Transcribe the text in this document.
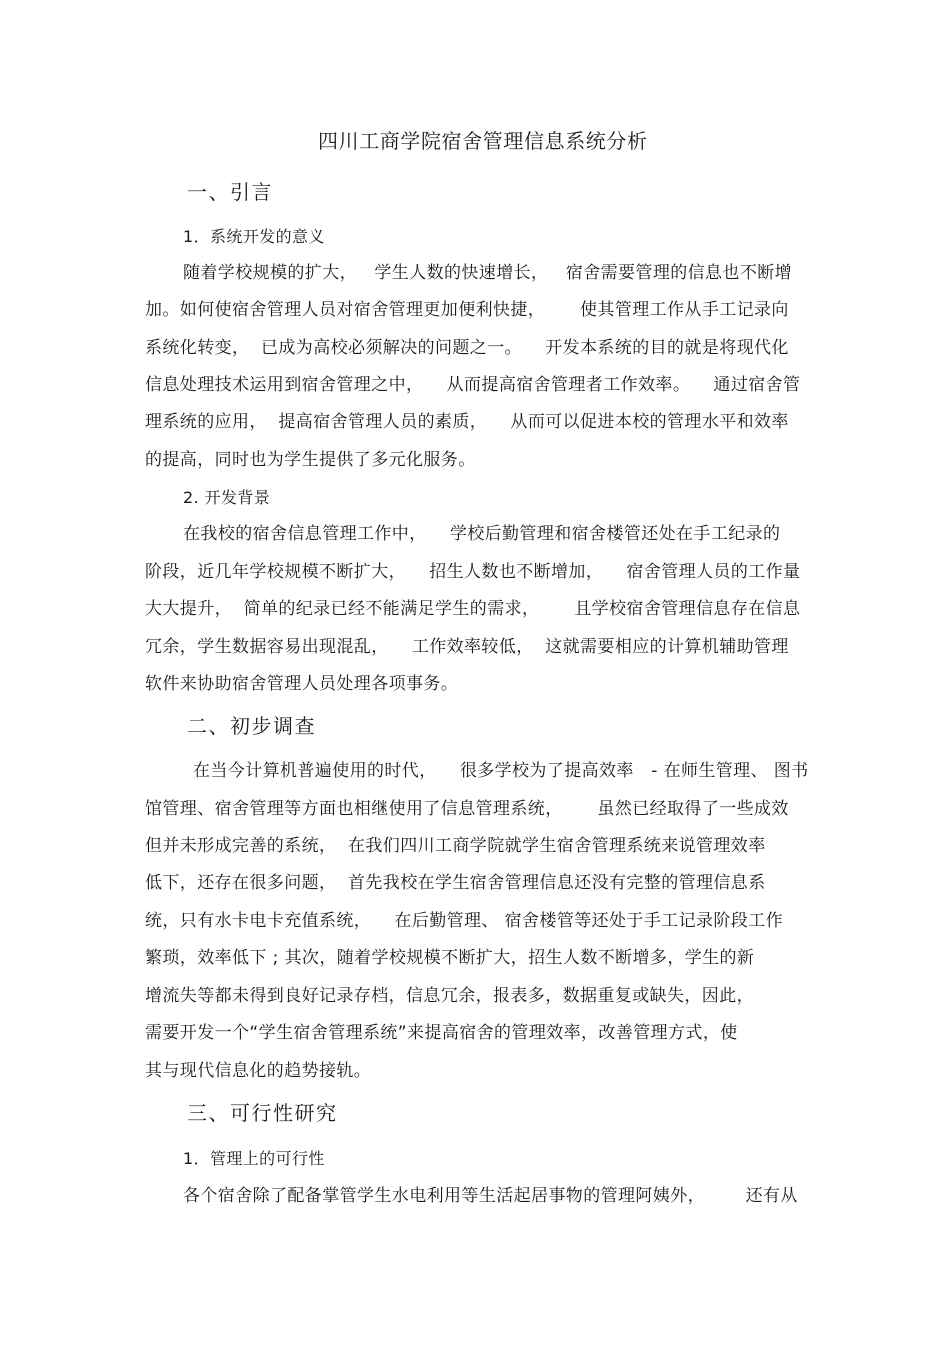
四川工商学院宿舍管理信息系统分析
一、引言
1．系统开发的意义
随着学校规模的扩大，   学生人数的快速增长，   宿舍需要管理的信息也不断增
加。如何使宿舍管理人员对宿舍管理更加便利快捷，      使其管理工作从手工记录向
系统化转变，  已成为高校必须解决的问题之一。    开发本系统的目的就是将现代化
信息处理技术运用到宿舍管理之中，    从而提高宿舍管理者工作效率。    通过宿舍管
理系统的应用，  提高宿舍管理人员的素质，    从而可以促进本校的管理水平和效率
的提高，同时也为学生提供了多元化服务。
2. 开发背景
在我校的宿舍信息管理工作中，    学校后勤管理和宿舍楼管还处在手工纪录的
阶段，近几年学校规模不断扩大，    招生人数也不断增加，    宿舍管理人员的工作量
大大提升，  简单的纪录已经不能满足学生的需求，      且学校宿舍管理信息存在信息
冗余，学生数据容易出现混乱，    工作效率较低，  这就需要相应的计算机辅助管理
软件来协助宿舍管理人员处理各项事务。
二、初步调查
在当今计算机普遍使用的时代，    很多学校为了提高效率   - 在师生管理、 图书
馆管理、宿舍管理等方面也相继使用了信息管理系统，      虽然已经取得了一些成效
但并未形成完善的系统，  在我们四川工商学院就学生宿舍管理系统来说管理效率
低下，还存在很多问题，  首先我校在学生宿舍管理信息还没有完整的管理信息系
统，只有水卡电卡充值系统，    在后勤管理、 宿舍楼管等还处于手工记录阶段工作
繁琐，效率低下 ; 其次，随着学校规模不断扩大，招生人数不断增多，学生的新
增流失等都未得到良好记录存档，信息冗余，报表多，数据重复或缺失，因此，
需要开发一个“学生宿舍管理系统”来提高宿舍的管理效率，改善管理方式，使
其与现代信息化的趋势接轨。
三、可行性研究
1．管理上的可行性
各个宿舍除了配备掌管学生水电利用等生活起居事物的管理阿姨外，       还有从
